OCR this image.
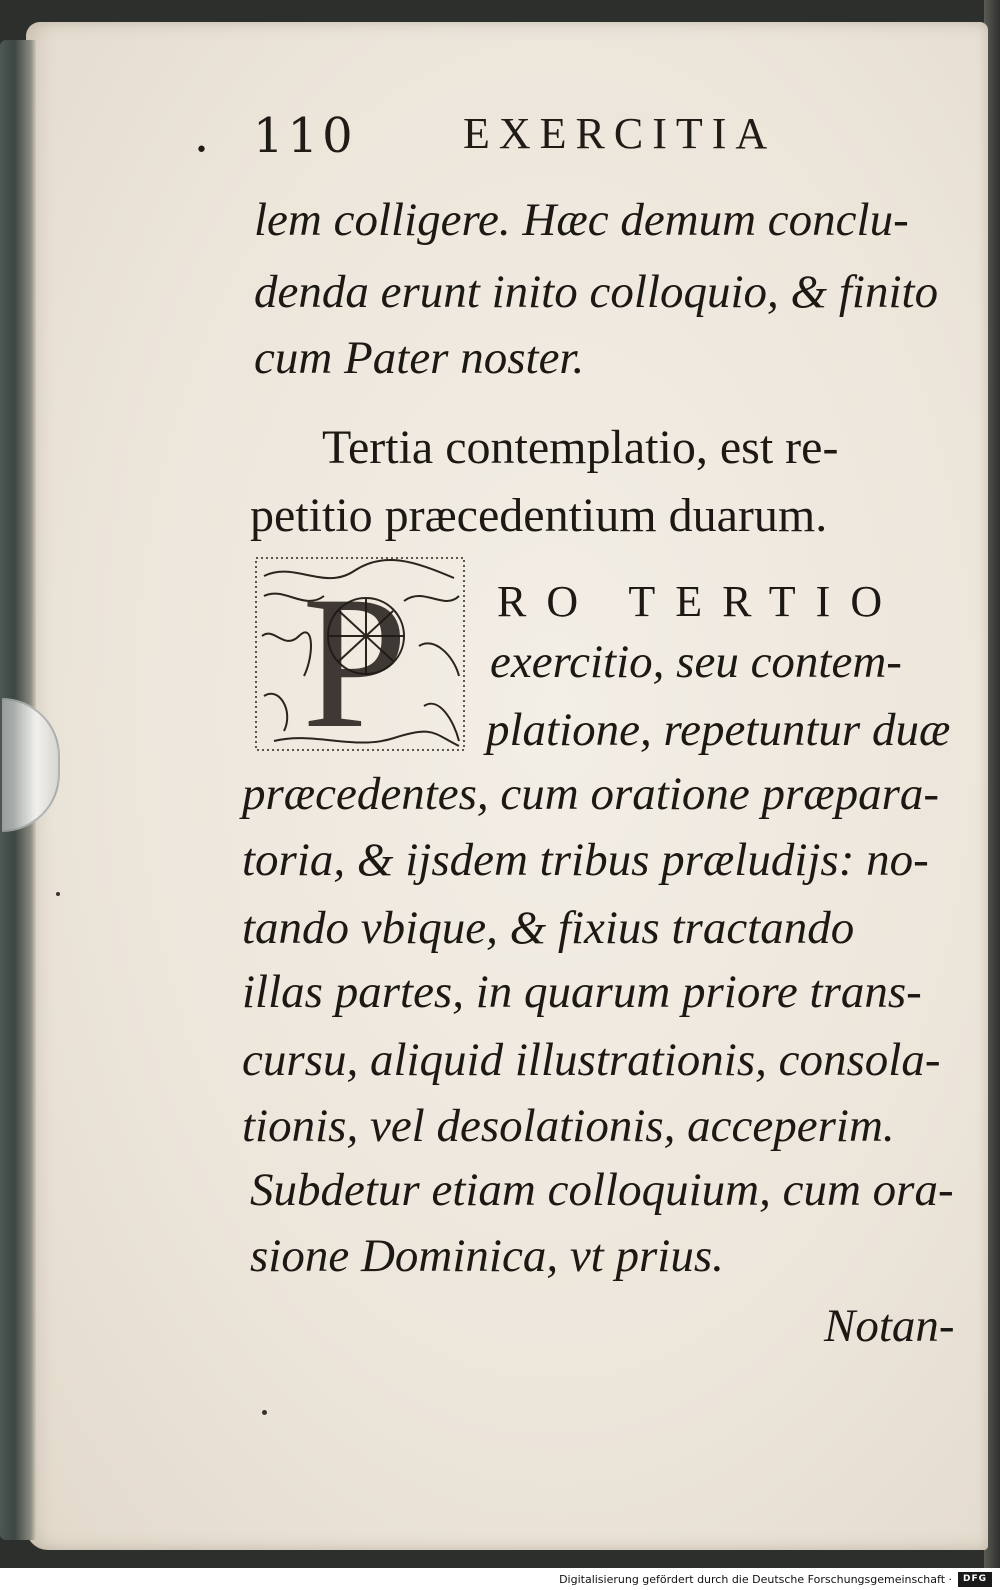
• 110 EXERCITIA
lem colligere. Hæc demum conclu-
denda erunt inito colloquio, & finito
cum Pater noster.
Tertia contemplatio, est re-
petitio præcedentium duarum.
P RO TERTIO
exercitio, seu contem-
platione, repetuntur duæ
præcedentes, cum oratione præpara-
toria, & ijsdem tribus præludijs: no-
tando vbique, & fixius tractando
illas partes, in quarum priore trans-
cursu, aliquid illustrationis, consola-
tionis, vel desolationis, acceperim.
Subdetur etiam colloquium, cum ora-
sione Dominica, vt prius.
Notan-
Digitalisierung gefördert durch die Deutsche Forschungsgemeinschaft ·	DFG
